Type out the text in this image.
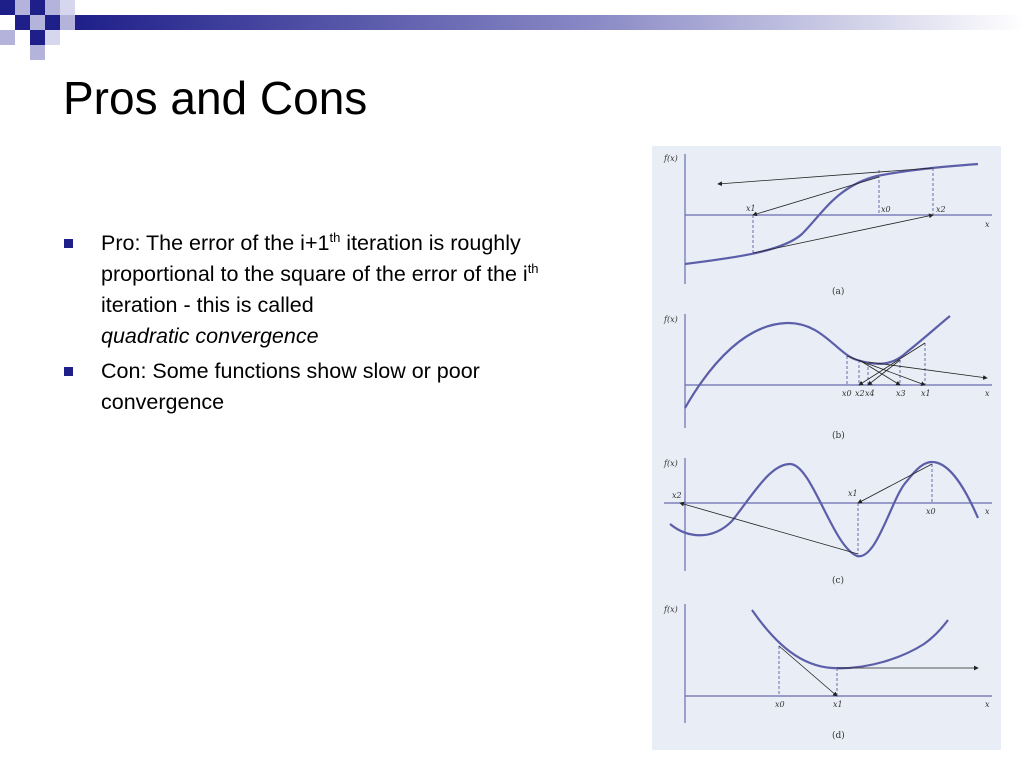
Pros and Cons
Pro: The error of the i+1th iteration is roughly proportional to the square of the error of the $i^{th}$ iteration - this is called
quadratic convergence
Con: Some functions show slow or poor convergence
f(x)
x
x1	x0	x2
(a)
f(x)
x
x0 x2 x4	x3 x1
(b)
f(x)
x
x2	x1
x0
(c)
f(x)
x
x0	x1
(d)
